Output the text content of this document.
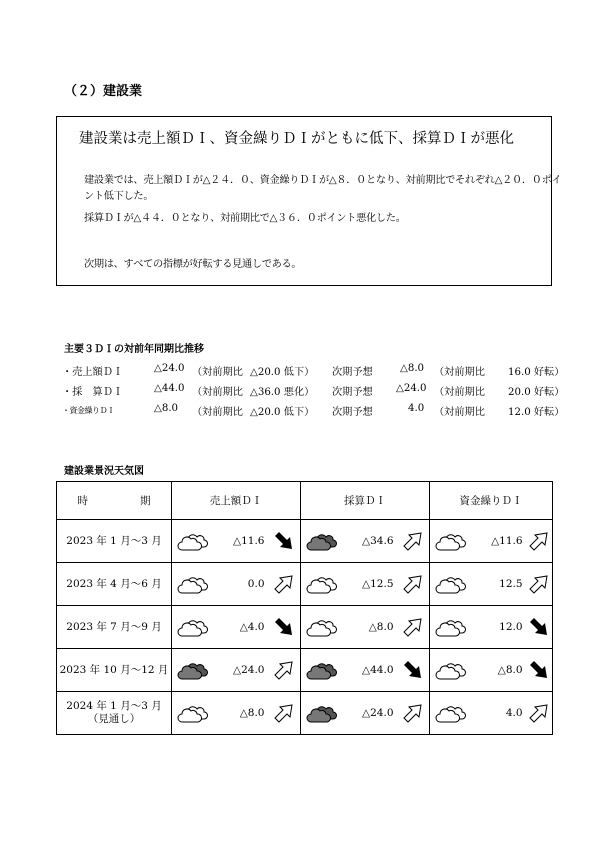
（２）建設業
建設業は売上額ＤＩ、資金繰りＤＩがともに低下、採算ＤＩが悪化
建設業では、売上額ＤＩが△２４．０、資金繰りＤＩが△８．０となり、対前期比でそれぞれ△２０．０ポイント低下した。
採算ＤＩが△４４．０となり、対前期比で△３６．０ポイント悪化した。
次期は、すべての指標が好転する見通しである。
主要３ＤＩの対前年同期比推移
・売上額ＤＩ	△24.0 （対前期比 △20.0 低下） 次期予想	△8.0 （対前期比 16.0 好転）
・採　算ＤＩ	△44.0 （対前期比 △36.0 悪化） 次期予想 △24.0 （対前期比 20.0 好転）
・資金繰りＤＩ	△8.0 （対前期比 △20.0 低下） 次期予想	4.0 （対前期比 12.0 好転）
建設業景況天気図
時 期	売上額ＤＩ			採算ＤＩ			資金繰りＤＩ		

2023 年 1 月～3 月		△11.6			△34.6			△11.6	

2023 年 4 月～6 月		0.0			△12.5			12.5	

2023 年 7 月～9 月		△4.0			△8.0			12.0	

2023 年 10 月～12 月		△24.0			△44.0			△8.0	

2024 年 1 月～3 月
（見通し）		△8.0			△24.0			4.0	
